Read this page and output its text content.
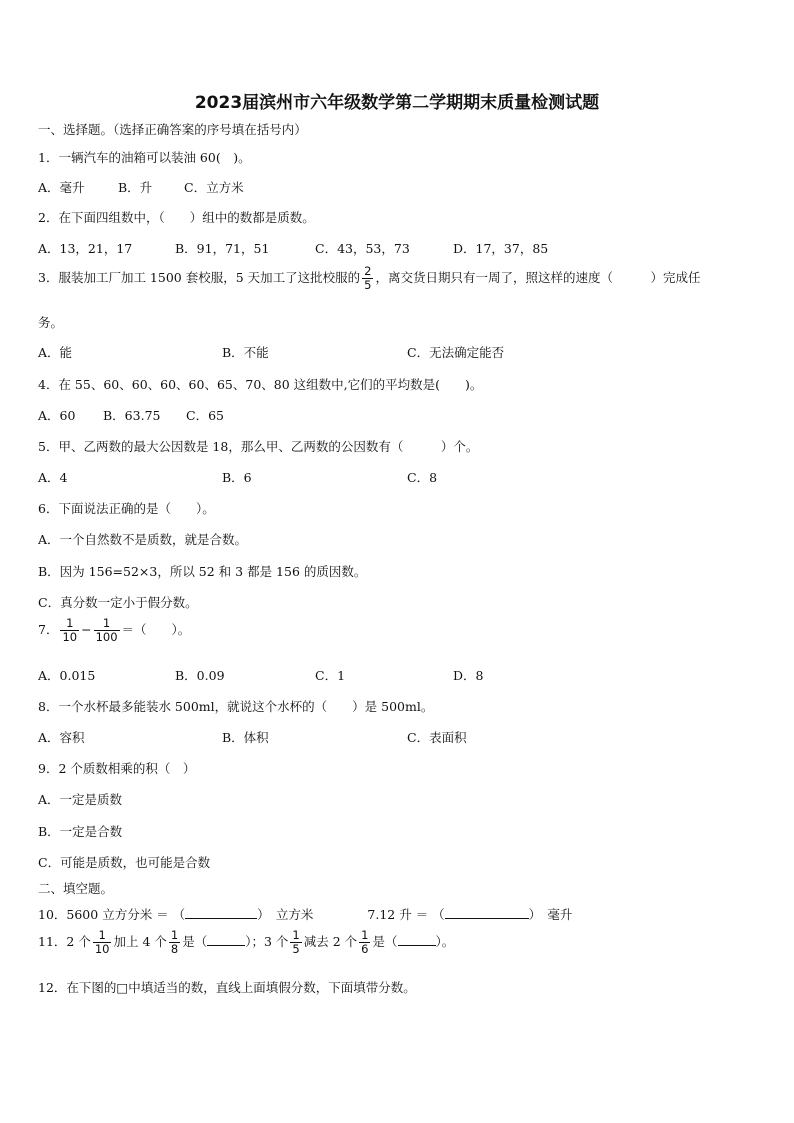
2023届滨州市六年级数学第二学期期末质量检测试题
一、选择题。（选择正确答案的序号填在括号内）
1．一辆汽车的油箱可以装油 60(　)。
A．毫升	B．升	C．立方米
2．在下面四组数中，（　　）组中的数都是质数。
A．13，21，17	B．91，71，51	C．43，53，73	D．17，37，85
3．服装加工厂加工 1500 套校服，5 天加工了这批校服的 $\frac{2}{5}$ ，离交货日期只有一周了，照这样的速度（　　　）完成任
务。
A．能	B．不能	C．无法确定能否
4．在 55、60、60、60、60、65、70、80 这组数中,它们的平均数是(　　)。
A．60 B．63.75 C．65
5．甲、乙两数的最大公因数是 18，那么甲、乙两数的公因数有（　　　）个。
A．4	B．6	C．8
6．下面说法正确的是（　　）。
A．一个自然数不是质数，就是合数。
B．因为 156=52×3，所以 52 和 3 都是 156 的质因数。
C．真分数一定小于假分数。
7． $\frac{1}{10} - \frac{1}{100}$ ＝（　　）。
A．0.015	B．0.09	C．1	D．8
8．一个水杯最多能装水 500ml，就说这个水杯的（　　）是 500ml。
A．容积	B．体积	C．表面积
9．2 个质数相乘的积（　）
A．一定是质数
B．一定是合数
C．可能是质数，也可能是合数
二、填空题。
10．5600 立方分米 ＝ （	）　立方米	7.12 升 ＝ （	）　毫升
11．2 个 $\frac{1}{10}$ 加上 4 个 $\frac{1}{8}$ 是（	）；3 个 $\frac{1}{5}$ 减去 2 个 $\frac{1}{6}$ 是（	）。
12．在下图的□中填适当的数，直线上面填假分数，下面填带分数。
